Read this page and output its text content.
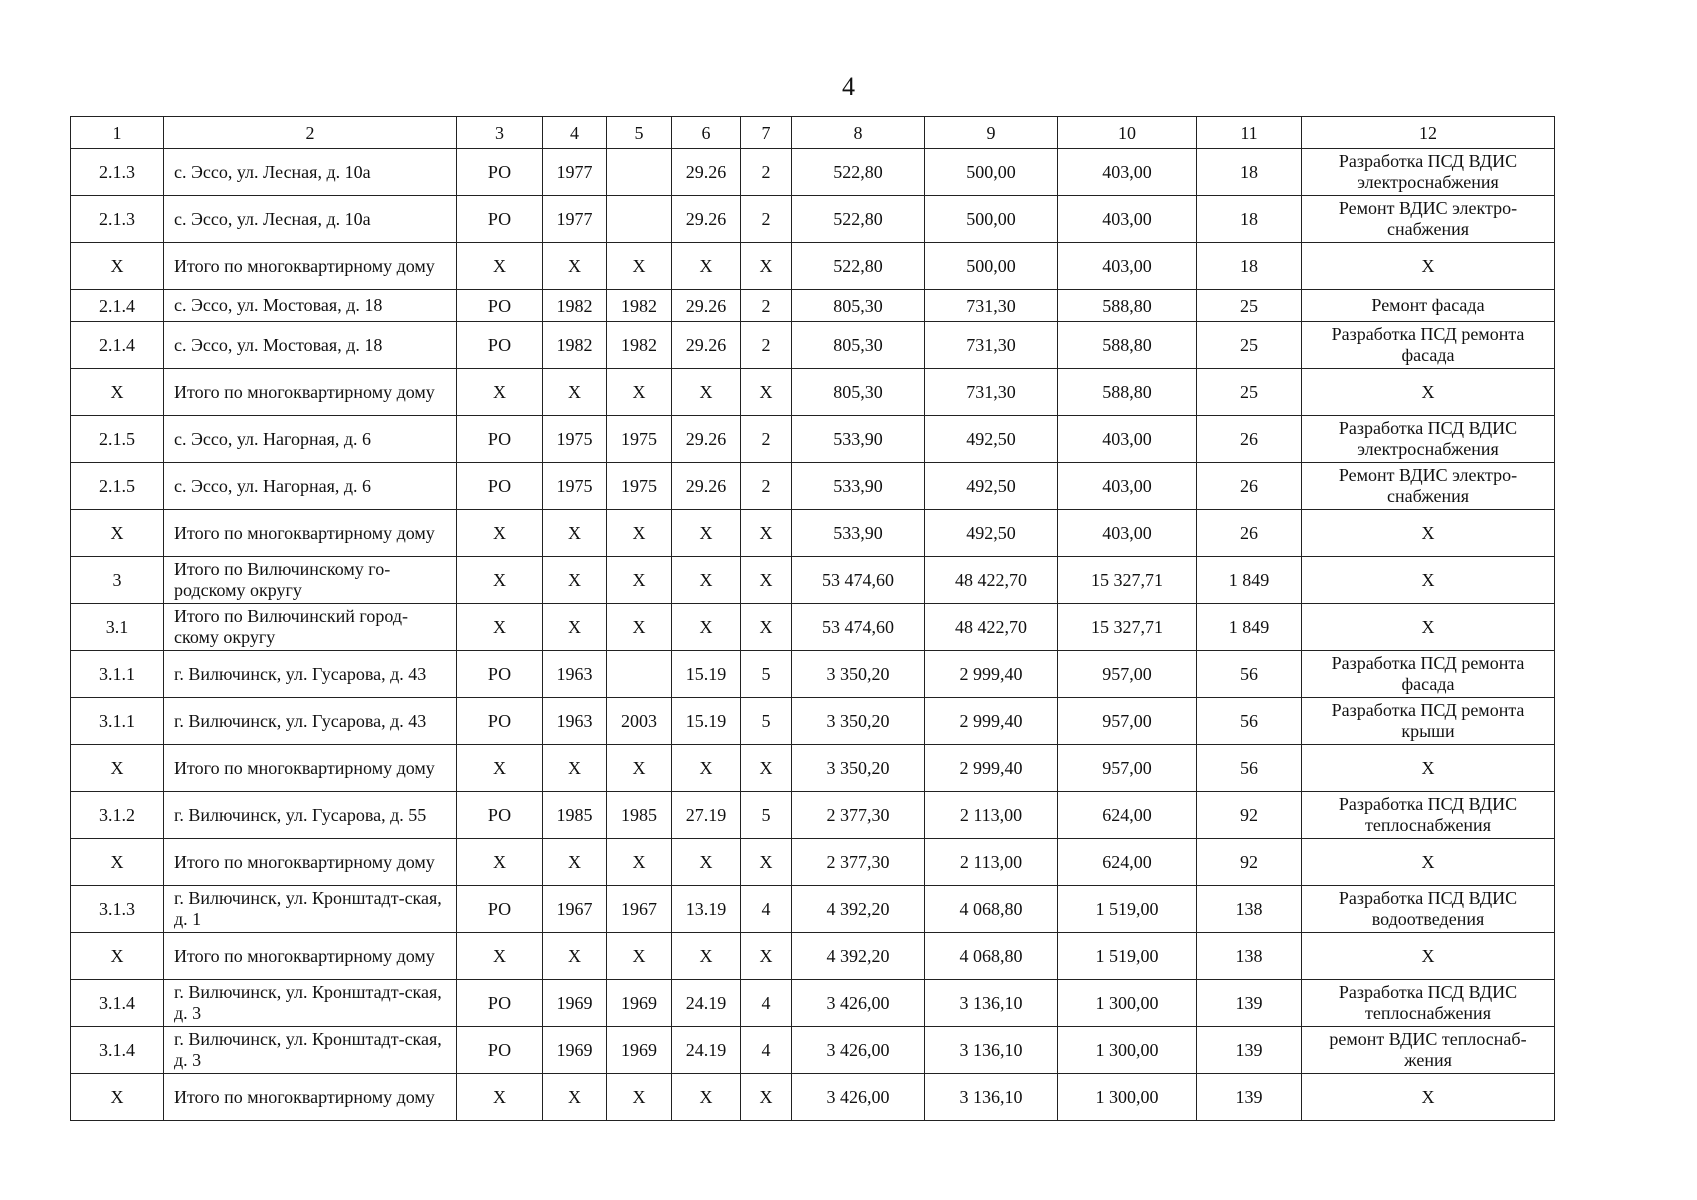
4
1	2	3	4	5	6	7	8	9	10	11	12
2.1.3	с. Эссо, ул. Лесная, д. 10а	РО	1977		29.26	2	522,80	500,00	403,00	18	Разработка ПСД ВДИС электроснабжения
2.1.3	с. Эссо, ул. Лесная, д. 10а	РО	1977		29.26	2	522,80	500,00	403,00	18	Ремонт ВДИС электро-снабжения
Х	Итого по многоквартирному дому	Х	Х	Х	Х	Х	522,80	500,00	403,00	18	Х
2.1.4	с. Эссо, ул. Мостовая, д. 18	РО	1982	1982	29.26	2	805,30	731,30	588,80	25	Ремонт фасада
2.1.4	с. Эссо, ул. Мостовая, д. 18	РО	1982	1982	29.26	2	805,30	731,30	588,80	25	Разработка ПСД ремонта фасада
Х	Итого по многоквартирному дому	Х	Х	Х	Х	Х	805,30	731,30	588,80	25	Х
2.1.5	с. Эссо, ул. Нагорная, д. 6	РО	1975	1975	29.26	2	533,90	492,50	403,00	26	Разработка ПСД ВДИС электроснабжения
2.1.5	с. Эссо, ул. Нагорная, д. 6	РО	1975	1975	29.26	2	533,90	492,50	403,00	26	Ремонт ВДИС электро-снабжения
Х	Итого по многоквартирному дому	Х	Х	Х	Х	Х	533,90	492,50	403,00	26	Х
3	Итого по Вилючинскому го-родскому округу	Х	Х	Х	Х	Х	53 474,60	48 422,70	15 327,71	1 849	Х
3.1	Итого по Вилючинский город-скому округу	Х	Х	Х	Х	Х	53 474,60	48 422,70	15 327,71	1 849	Х
3.1.1	г. Вилючинск, ул. Гусарова, д. 43	РО	1963		15.19	5	3 350,20	2 999,40	957,00	56	Разработка ПСД ремонта фасада
3.1.1	г. Вилючинск, ул. Гусарова, д. 43	РО	1963	2003	15.19	5	3 350,20	2 999,40	957,00	56	Разработка ПСД ремонта крыши
Х	Итого по многоквартирному дому	Х	Х	Х	Х	Х	3 350,20	2 999,40	957,00	56	Х
3.1.2	г. Вилючинск, ул. Гусарова, д. 55	РО	1985	1985	27.19	5	2 377,30	2 113,00	624,00	92	Разработка ПСД ВДИС теплоснабжения
Х	Итого по многоквартирному дому	Х	Х	Х	Х	Х	2 377,30	2 113,00	624,00	92	Х
3.1.3	г. Вилючинск, ул. Кронштадт-ская, д. 1	РО	1967	1967	13.19	4	4 392,20	4 068,80	1 519,00	138	Разработка ПСД ВДИС водоотведения
Х	Итого по многоквартирному дому	Х	Х	Х	Х	Х	4 392,20	4 068,80	1 519,00	138	Х
3.1.4	г. Вилючинск, ул. Кронштадт-ская, д. 3	РО	1969	1969	24.19	4	3 426,00	3 136,10	1 300,00	139	Разработка ПСД ВДИС теплоснабжения
3.1.4	г. Вилючинск, ул. Кронштадт-ская, д. 3	РО	1969	1969	24.19	4	3 426,00	3 136,10	1 300,00	139	ремонт ВДИС теплоснаб-жения
Х	Итого по многоквартирному дому	Х	Х	Х	Х	Х	3 426,00	3 136,10	1 300,00	139	Х
